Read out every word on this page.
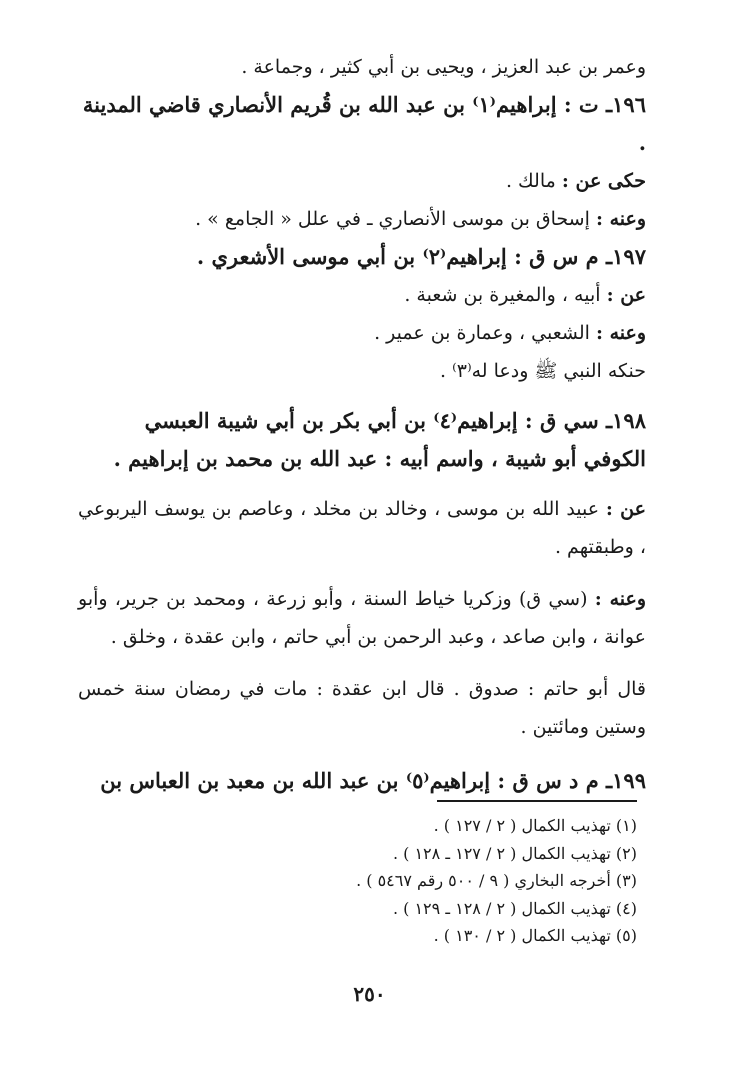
وعمر بن عبد العزيز ، ويحيى بن أبي كثير ، وجماعة .

١٩٦ـ ت : إبراهيم⁽١⁾ بن عبد الله بن قُريم الأنصاري قاضي المدينة .

حكى عن : مالك .

وعنه : إسحاق بن موسى الأنصاري ـ في علل « الجامع » .

١٩٧ـ م س ق : إبراهيم⁽٢⁾ بن أبي موسى الأشعري .

عن : أبيه ، والمغيرة بن شعبة .

وعنه : الشعبي ، وعمارة بن عمير .

حنكه النبي ﷺ ودعا له⁽٣⁾ .

١٩٨ـ سي ق : إبراهيم⁽٤⁾ بن أبي بكر بن أبي شيبة العبسي الكوفي أبو شيبة ، واسم أبيه : عبد الله بن محمد بن إبراهيم .

عن : عبيد الله بن موسى ، وخالد بن مخلد ، وعاصم بن يوسف اليربوعي ، وطبقتهم .

وعنه : (سي ق) وزكريا خياط السنة ، وأبو زرعة ، ومحمد بن جرير، وأبو عوانة ، وابن صاعد ، وعبد الرحمن بن أبي حاتم ، وابن عقدة ، وخلق .

قال أبو حاتم : صدوق . قال ابن عقدة : مات في رمضان سنة خمس وستين ومائتين .

١٩٩ـ م د س ق : إبراهيم⁽٥⁾ بن عبد الله بن معبد بن العباس بن

(١) تهذيب الكمال ( ٢ / ١٢٧ ) .

(٢) تهذيب الكمال ( ٢ / ١٢٧ ـ ١٢٨ ) .

(٣) أخرجه البخاري ( ٩ / ٥٠٠ رقم ٥٤٦٧ ) .

(٤) تهذيب الكمال ( ٢ / ١٢٨ ـ ١٢٩ ) .

(٥) تهذيب الكمال ( ٢ / ١٣٠ ) .

٢٥٠
